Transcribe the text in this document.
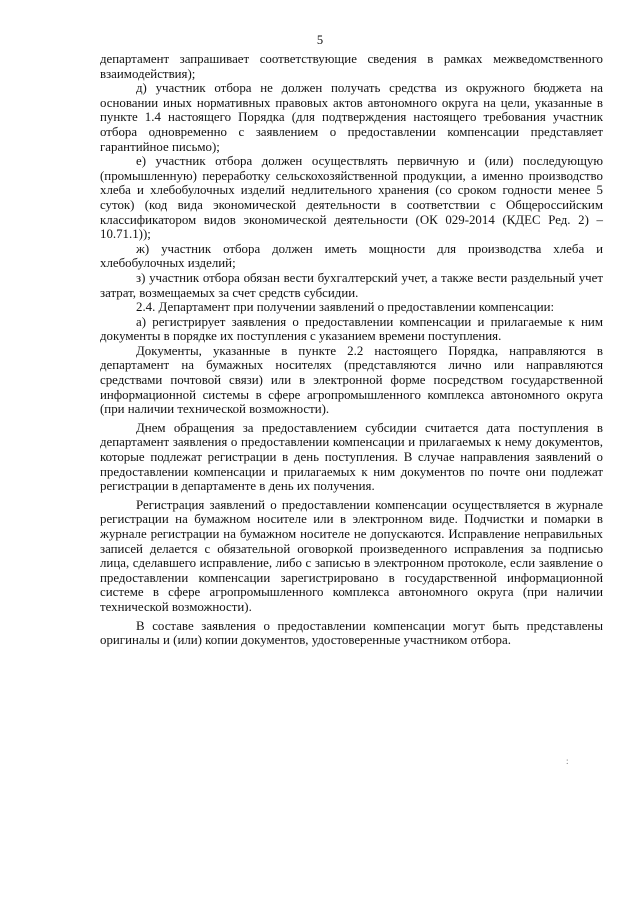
5

департамент запрашивает соответствующие сведения в рамках межведомственного взаимодействия);

д) участник отбора не должен получать средства из окружного бюджета на основании иных нормативных правовых актов автономного округа на цели, указанные в пункте 1.4 настоящего Порядка (для подтверждения настоящего требования участник отбора одновременно с заявлением о предоставлении компенсации представляет гарантийное письмо);

е) участник отбора должен осуществлять первичную и (или) последующую (промышленную) переработку сельскохозяйственной продукции, а именно производство хлеба и хлебобулочных изделий недлительного хранения (со сроком годности менее 5 суток) (код вида экономической деятельности в соответствии с Общероссийским классификатором видов экономической деятельности (ОК 029-2014 (КДЕС Ред. 2) – 10.71.1));

ж) участник отбора должен иметь мощности для производства хлеба и хлебобулочных изделий;

з) участник отбора обязан вести бухгалтерский учет, а также вести раздельный учет затрат, возмещаемых за счет средств субсидии.

2.4. Департамент при получении заявлений о предоставлении компенсации:

а) регистрирует заявления о предоставлении компенсации и прилагаемые к ним документы в порядке их поступления с указанием времени поступления.

Документы, указанные в пункте 2.2 настоящего Порядка, направляются в департамент на бумажных носителях (представляются лично или направляются средствами почтовой связи) или в электронной форме посредством государственной информационной системы в сфере агропромышленного комплекса автономного округа (при наличии технической возможности).

Днем обращения за предоставлением субсидии считается дата поступления в департамент заявления о предоставлении компенсации и прилагаемых к нему документов, которые подлежат регистрации в день поступления. В случае направления заявлений о предоставлении компенсации и прилагаемых к ним документов по почте они подлежат регистрации в департаменте в день их получения.

Регистрация заявлений о предоставлении компенсации осуществляется в журнале регистрации на бумажном носителе или в электронном виде. Подчистки и помарки в журнале регистрации на бумажном носителе не допускаются. Исправление неправильных записей делается с обязательной оговоркой произведенного исправления за подписью лица, сделавшего исправление, либо с записью в электронном протоколе, если заявление о предоставлении компенсации зарегистрировано в государственной информационной системе в сфере агропромышленного комплекса автономного округа (при наличии технической возможности).

В составе заявления о предоставлении компенсации могут быть представлены оригиналы и (или) копии документов, удостоверенные участником отбора.

:
